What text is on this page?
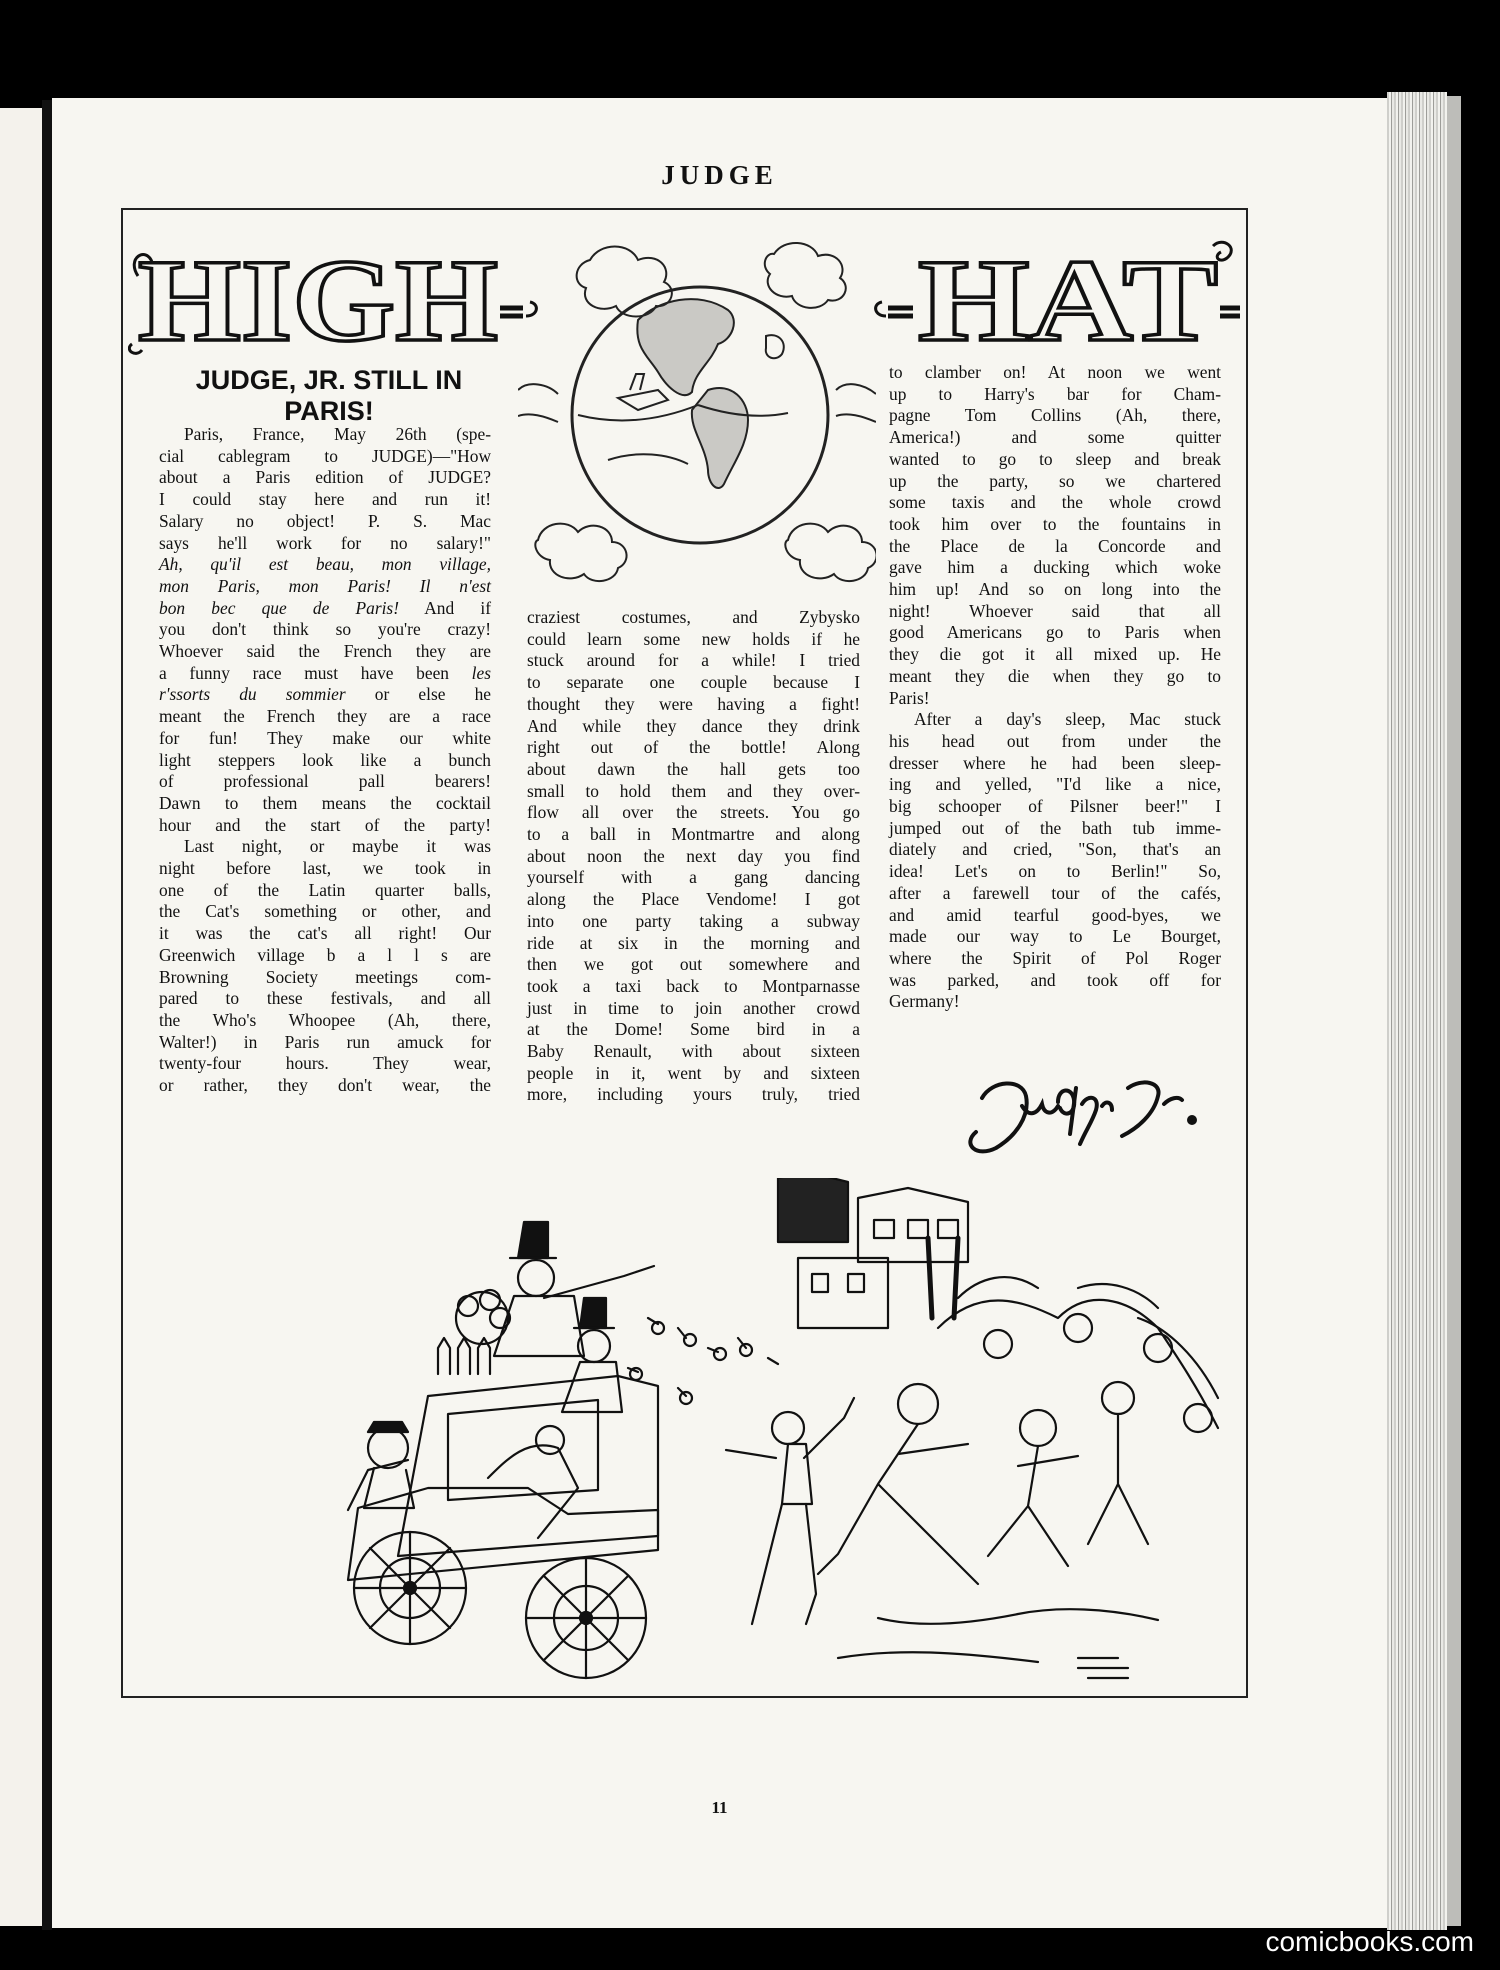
JUDGE
HIGH	HAT
JUDGE, JR. STILL IN
PARIS!

Paris, France, May 26th (spe-

cial cablegram to JUDGE)—"How

about a Paris edition of JUDGE?

I could stay here and run it!

Salary no object! P. S. Mac

says he'll work for no salary!"

Ah, qu'il est beau, mon village,

mon Paris, mon Paris! Il n'est

bon bec que de Paris! And if

you don't think so you're crazy!

Whoever said the French they are

a funny race must have been les

r'ssorts du sommier or else he

meant the French they are a race

for fun! They make our white

light steppers look like a bunch

of professional pall bearers!

Dawn to them means the cocktail

hour and the start of the party!

Last night, or maybe it was

night before last, we took in

one of the Latin quarter balls,

the Cat's something or other, and

it was the cat's all right! Our

Greenwich village b a l l s are

Browning Society meetings com-

pared to these festivals, and all

the Who's Whoopee (Ah, there,

Walter!) in Paris run amuck for

twenty-four hours. They wear,

or rather, they don't wear, the

craziest costumes, and Zybysko

could learn some new holds if he

stuck around for a while! I tried

to separate one couple because I

thought they were having a fight!

And while they dance they drink

right out of the bottle! Along

about dawn the hall gets too

small to hold them and they over-

flow all over the streets. You go

to a ball in Montmartre and along

about noon the next day you find

yourself with a gang dancing

along the Place Vendome! I got

into one party taking a subway

ride at six in the morning and

then we got out somewhere and

took a taxi back to Montparnasse

just in time to join another crowd

at the Dome! Some bird in a

Baby Renault, with about sixteen

people in it, went by and sixteen

more, including yours truly, tried

to clamber on! At noon we went

up to Harry's bar for Cham-

pagne Tom Collins (Ah, there,

America!) and some quitter

wanted to go to sleep and break

up the party, so we chartered

some taxis and the whole crowd

took him over to the fountains in

the Place de la Concorde and

gave him a ducking which woke

him up! And so on long into the

night! Whoever said that all

good Americans go to Paris when

they die got it all mixed up. He

meant they die when they go to

Paris!

After a day's sleep, Mac stuck

his head out from under the

dresser where he had been sleep-

ing and yelled, "I'd like a nice,

big schooper of Pilsner beer!" I

jumped out of the bath tub imme-

diately and cried, "Son, that's an

idea! Let's on to Berlin!" So,

after a farewell tour of the cafés,

and amid tearful good-byes, we

made our way to Le Bourget,

where the Spirit of Pol Roger

was parked, and took off for

Germany!

11
comicbooks.com
